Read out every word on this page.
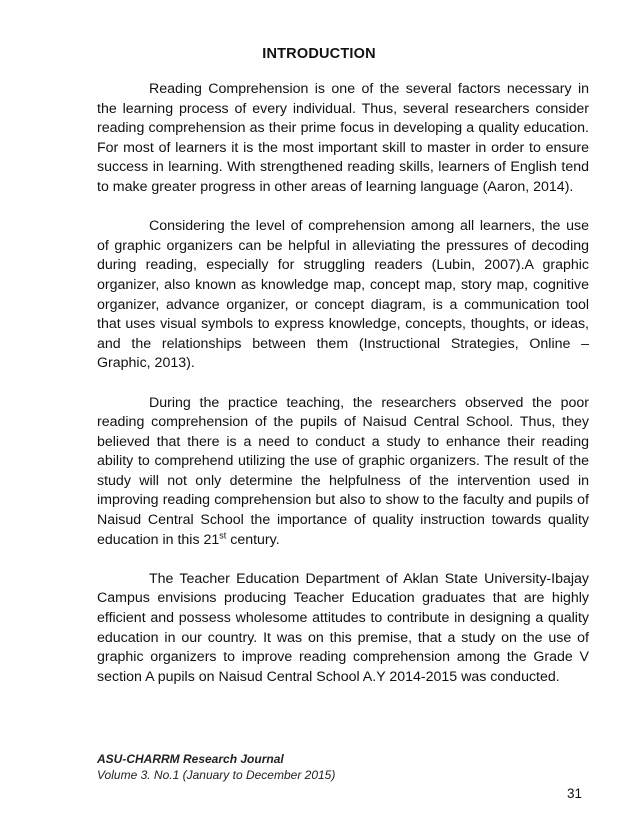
INTRODUCTION

Reading Comprehension is one of the several factors necessary in the learning process of every individual. Thus, several researchers consider reading comprehension as their prime focus in developing a quality education. For most of learners it is the most important skill to master in order to ensure success in learning. With strengthened reading skills, learners of English tend to make greater progress in other areas of learning language (Aaron, 2014).

Considering the level of comprehension among all learners, the use of graphic organizers can be helpful in alleviating the pressures of decoding during reading, especially for struggling readers (Lubin, 2007).A graphic organizer, also known as knowledge map, concept map, story map, cognitive organizer, advance organizer, or concept diagram, is a communication tool that uses visual symbols to express knowledge, concepts, thoughts, or ideas, and the relationships between them (Instructional Strategies, Online – Graphic, 2013).

During the practice teaching, the researchers observed the poor reading comprehension of the pupils of Naisud Central School. Thus, they believed that there is a need to conduct a study to enhance their reading ability to comprehend utilizing the use of graphic organizers. The result of the study will not only determine the helpfulness of the intervention used in improving reading comprehension but also to show to the faculty and pupils of Naisud Central School the importance of quality instruction towards quality education in this 21st century.

The Teacher Education Department of Aklan State University-Ibajay Campus envisions producing Teacher Education graduates that are highly efficient and possess wholesome attitudes to contribute in designing a quality education in our country. It was on this premise, that a study on the use of graphic organizers to improve reading comprehension among the Grade V section A pupils on Naisud Central School A.Y 2014-2015 was conducted.

ASU-CHARRM Research Journal
Volume 3. No.1 (January to December 2015)
31
